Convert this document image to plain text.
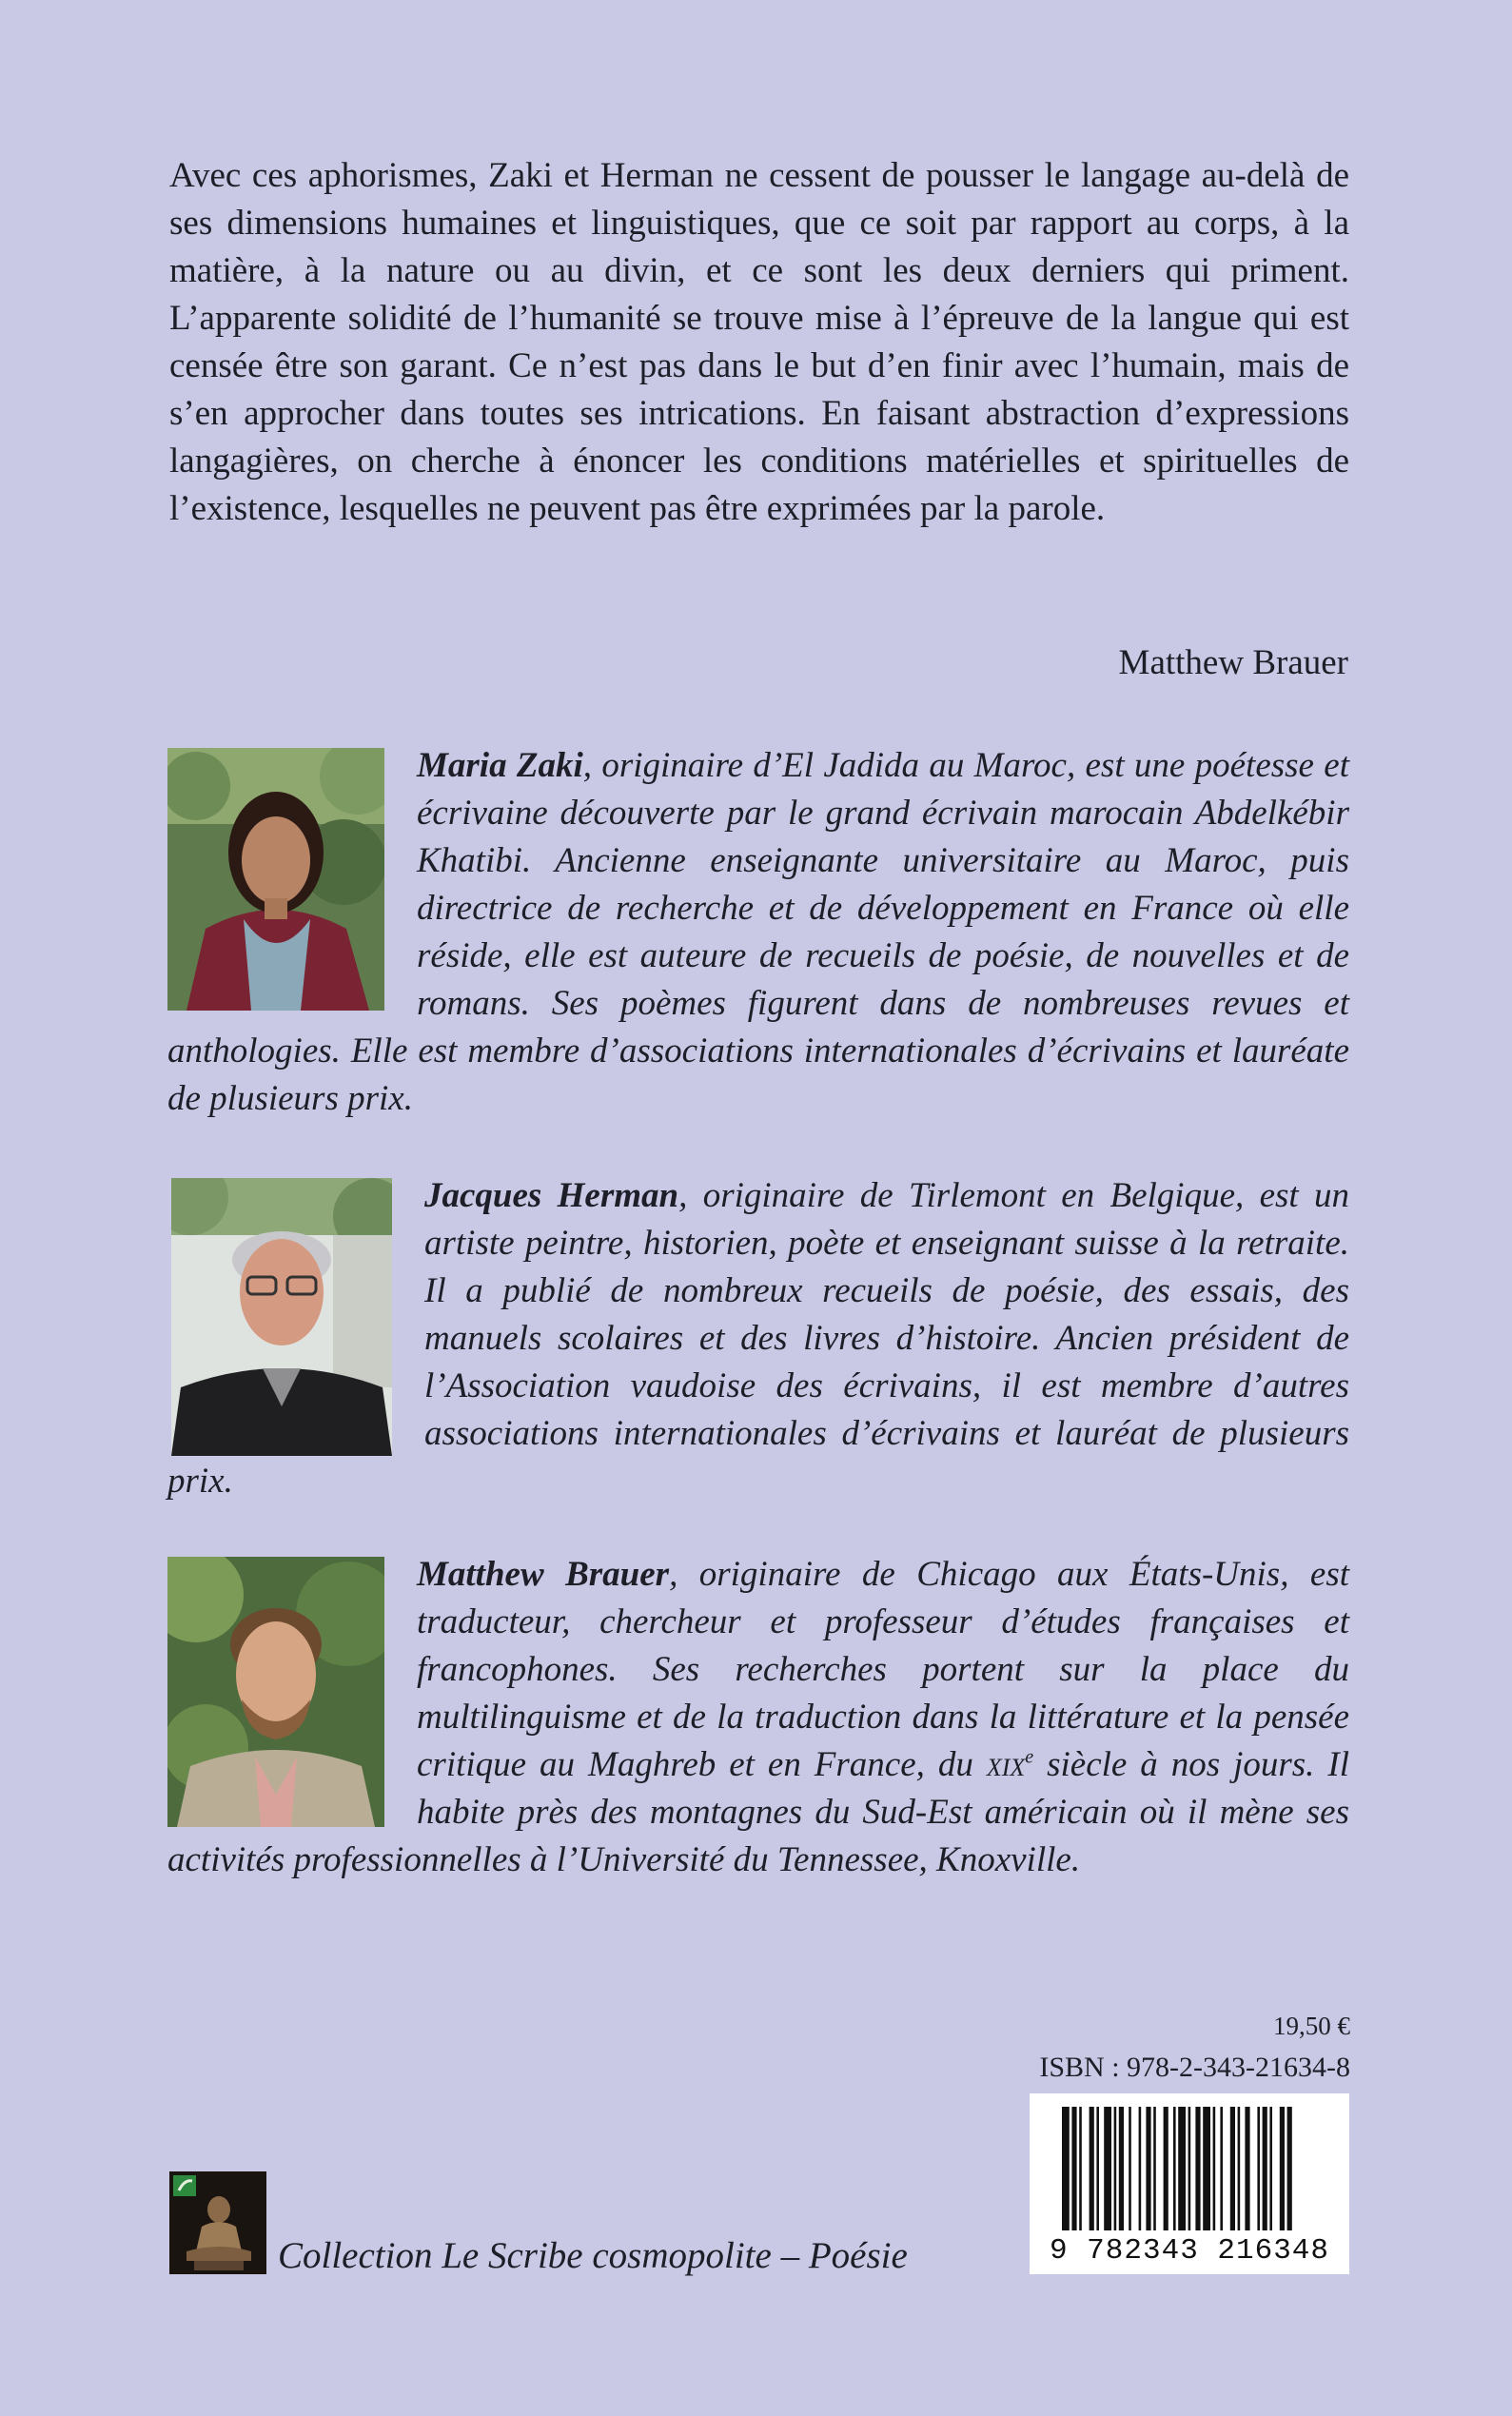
Avec ces aphorismes, Zaki et Herman ne cessent de pousser le langage au-delà de ses dimensions humaines et linguistiques, que ce soit par rapport au corps, à la matière, à la nature ou au divin, et ce sont les deux derniers qui priment. L’apparente solidité de l’humanité se trouve mise à l’épreuve de la langue qui est censée être son garant. Ce n’est pas dans le but d’en finir avec l’humain, mais de s’en approcher dans toutes ses intrications. En faisant abstraction d’expressions langagières, on cherche à énoncer les conditions matérielles et spirituelles de l’existence, lesquelles ne peuvent pas être exprimées par la parole.

Matthew Brauer

Maria Zaki, originaire d’El Jadida au Maroc, est une poétesse et écrivaine découverte par le grand écrivain marocain Abdelkébir Khatibi. Ancienne enseignante universitaire au Maroc, puis directrice de recherche et de développement en France où elle réside, elle est auteure de recueils de poésie, de nouvelles et de romans. Ses poèmes figurent dans de nombreuses revues et anthologies. Elle est membre d’associations internationales d’écrivains et lauréate de plusieurs prix.

Jacques Herman, originaire de Tirlemont en Belgique, est un artiste peintre, historien, poète et enseignant suisse à la retraite. Il a publié de nombreux recueils de poésie, des essais, des manuels scolaires et des livres d’histoire. Ancien président de l’Association vaudoise des écrivains, il est membre d’autres associations internationales d’écrivains et lauréat de plusieurs prix.

Matthew Brauer, originaire de Chicago aux États-Unis, est traducteur, chercheur et professeur d’études françaises et francophones. Ses recherches portent sur la place du multilinguisme et de la traduction dans la littérature et la pensée critique au Maghreb et en France, du xix$^e$ siècle à nos jours. Il habite près des montagnes du Sud-Est américain où il mène ses activités professionnelles à l’Université du Tennessee, Knoxville.

19,50 €

ISBN : 978-2-343-21634-8

9 782343 216348

Collection Le Scribe cosmopolite – Poésie
